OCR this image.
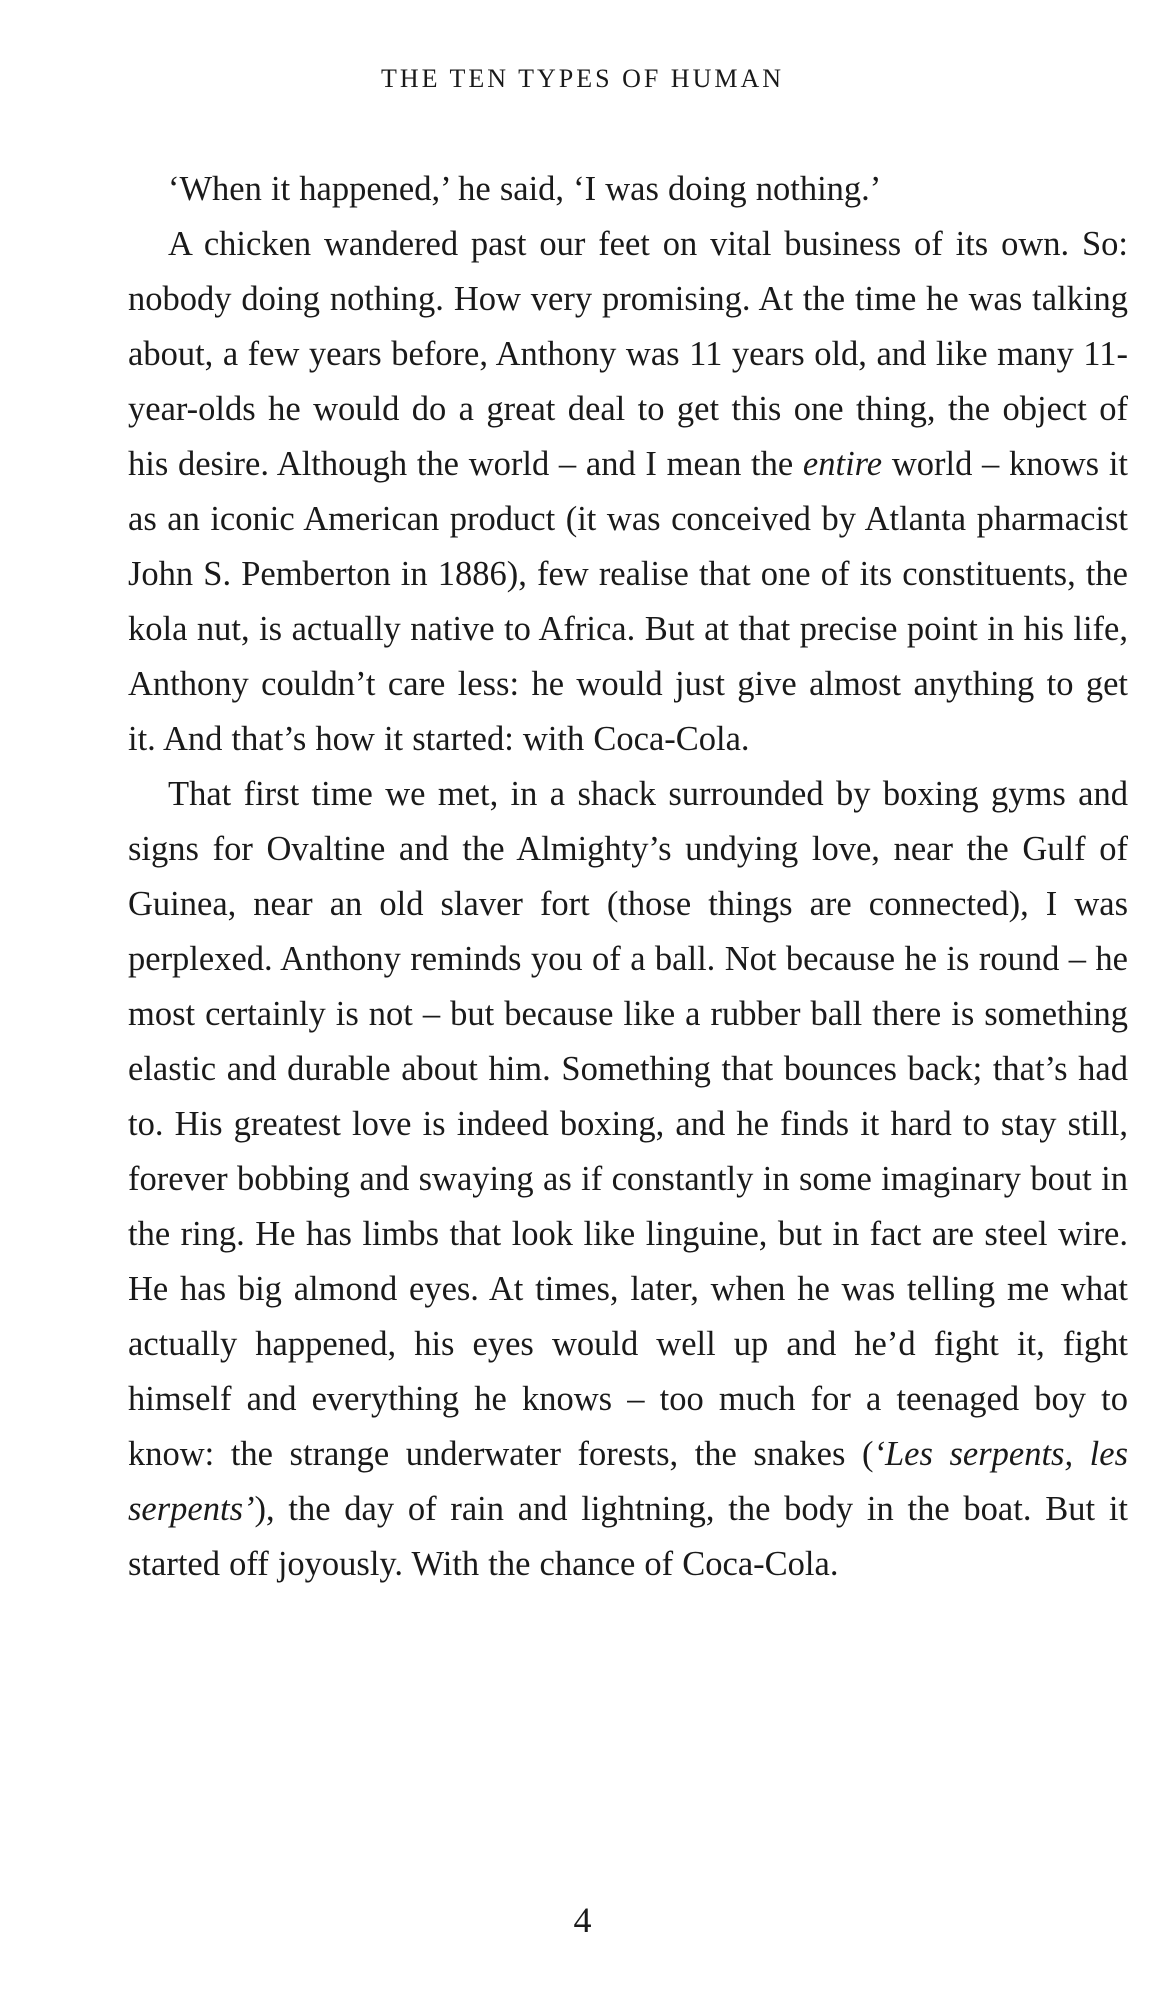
THE TEN TYPES OF HUMAN

‘When it happened,’ he said, ‘I was doing nothing.’

A chicken wandered past our feet on vital business of its own. So: nobody doing nothing. How very promising. At the time he was talking about, a few years before, Anthony was 11 years old, and like many 11-year-olds he would do a great deal to get this one thing, the object of his desire. Although the world – and I mean the entire world – knows it as an iconic American product (it was conceived by Atlanta pharmacist John S. Pemberton in 1886), few realise that one of its constituents, the kola nut, is actually native to Africa. But at that precise point in his life, Anthony couldn’t care less: he would just give almost anything to get it. And that’s how it started: with Coca-Cola.

That first time we met, in a shack surrounded by boxing gyms and signs for Ovaltine and the Almighty’s undying love, near the Gulf of Guinea, near an old slaver fort (those things are connected), I was perplexed. Anthony reminds you of a ball. Not because he is round – he most certainly is not – but because like a rubber ball there is something elastic and durable about him. Something that bounces back; that’s had to. His greatest love is indeed boxing, and he finds it hard to stay still, forever bobbing and swaying as if constantly in some imaginary bout in the ring. He has limbs that look like linguine, but in fact are steel wire. He has big almond eyes. At times, later, when he was telling me what actually happened, his eyes would well up and he’d fight it, fight himself and everything he knows – too much for a teenaged boy to know: the strange underwater forests, the snakes (‘Les serpents, les serpents’), the day of rain and lightning, the body in the boat. But it started off joyously. With the chance of Coca-Cola.

4
